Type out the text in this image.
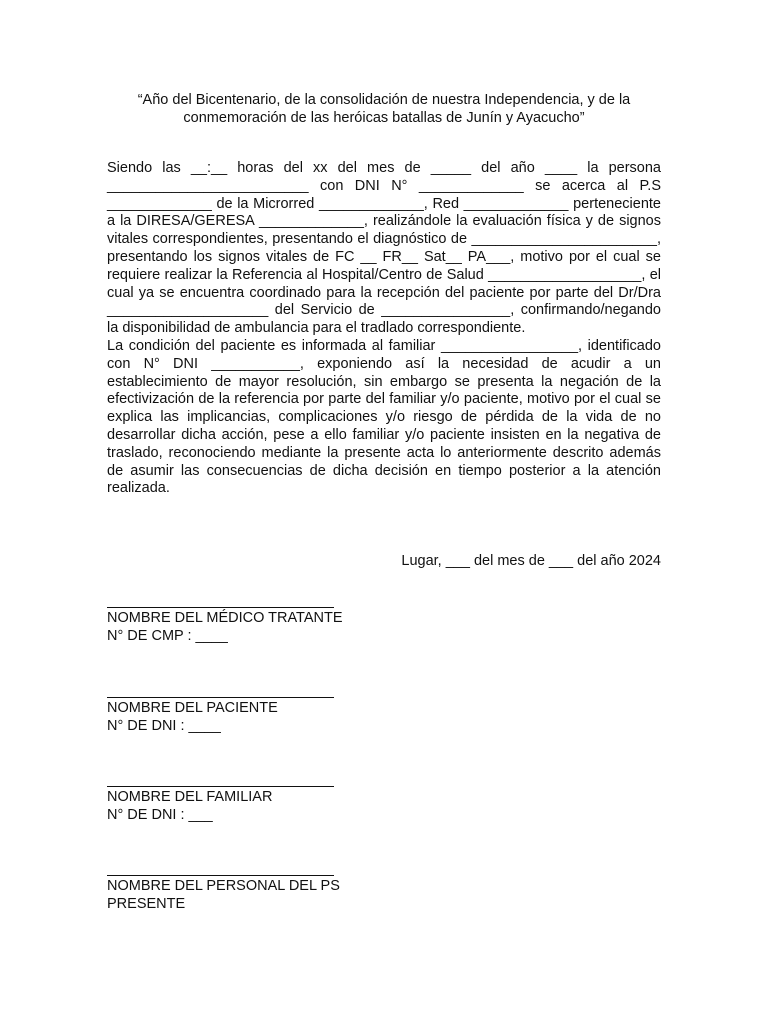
“Año del Bicentenario, de la consolidación de nuestra Independencia, y de la
conmemoración de las heróicas batallas de Junín y Ayacucho”

Siendo las __:__ horas del xx del mes de _____ del año ____ la persona _________________________ con DNI N° _____________ se acerca al P.S _____________ de la Microrred _____________, Red _____________ perteneciente a la DIRESA/GERESA _____________, realizándole la evaluación física y de signos vitales correspondientes, presentando el diagnóstico de _______________________, presentando los signos vitales de FC __ FR__ Sat__ PA___, motivo por el cual se requiere realizar la Referencia al Hospital/Centro de Salud ___________________, el cual ya se encuentra coordinado para la recepción del paciente por parte del Dr/Dra ____________________ del Servicio de ________________, confirmando/negando la disponibilidad de ambulancia para el tradlado correspondiente.

La condición del paciente es informada al familiar _________________, identificado con N° DNI ___________, exponiendo así la necesidad de acudir a un establecimiento de mayor resolución, sin embargo se presenta la negación de la efectivización de la referencia por parte del familiar y/o paciente, motivo por el cual se explica las implicancias, complicaciones y/o riesgo de pérdida de la vida de no desarrollar dicha acción, pese a ello familiar y/o paciente insisten en la negativa de traslado, reconociendo mediante la presente acta lo anteriormente descrito además de asumir las consecuencias de dicha decisión en tiempo posterior a la atención realizada.

Lugar, ___ del mes de ___ del año 2024
NOMBRE DEL MÉDICO TRATANTE
N° DE CMP : ____
NOMBRE DEL PACIENTE
N° DE DNI : ____
NOMBRE DEL FAMILIAR
N° DE DNI : ___
NOMBRE DEL PERSONAL DEL PS
PRESENTE
